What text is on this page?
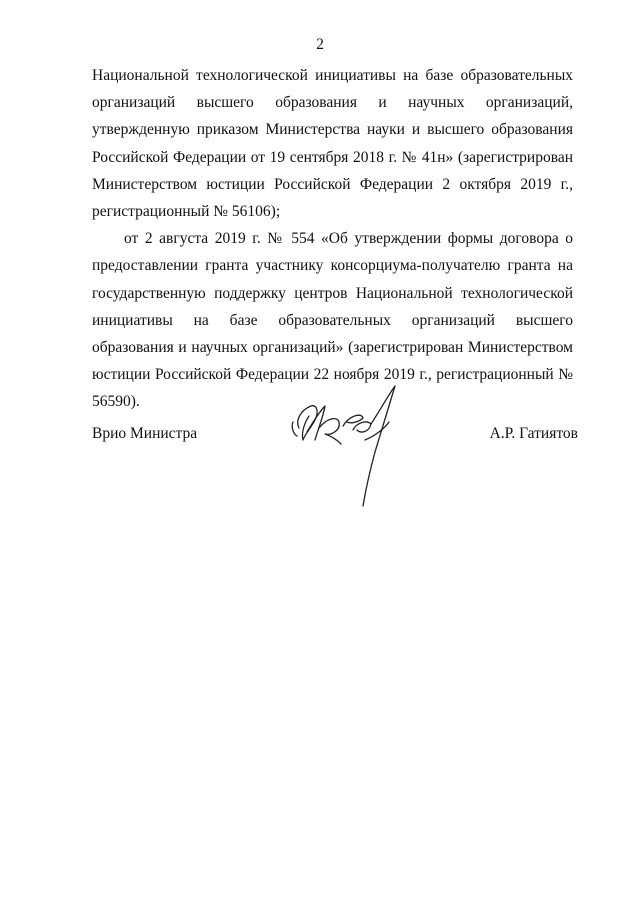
2

Национальной технологической инициативы на базе образовательных организаций высшего образования и научных организаций, утвержденную приказом Министерства науки и высшего образования Российской Федерации от 19 сентября 2018 г. № 41н» (зарегистрирован Министерством юстиции Российской Федерации 2 октября 2019 г., регистрационный № 56106);

от 2 августа 2019 г. № 554 «Об утверждении формы договора о предоставлении гранта участнику консорциума-получателю гранта на государственную поддержку центров Национальной технологической инициативы на базе образовательных организаций высшего образования и научных организаций» (зарегистрирован Министерством юстиции Российской Федерации 22 ноября 2019 г., регистрационный № 56590).

Врио Министра	А.Р. Гатиятов
